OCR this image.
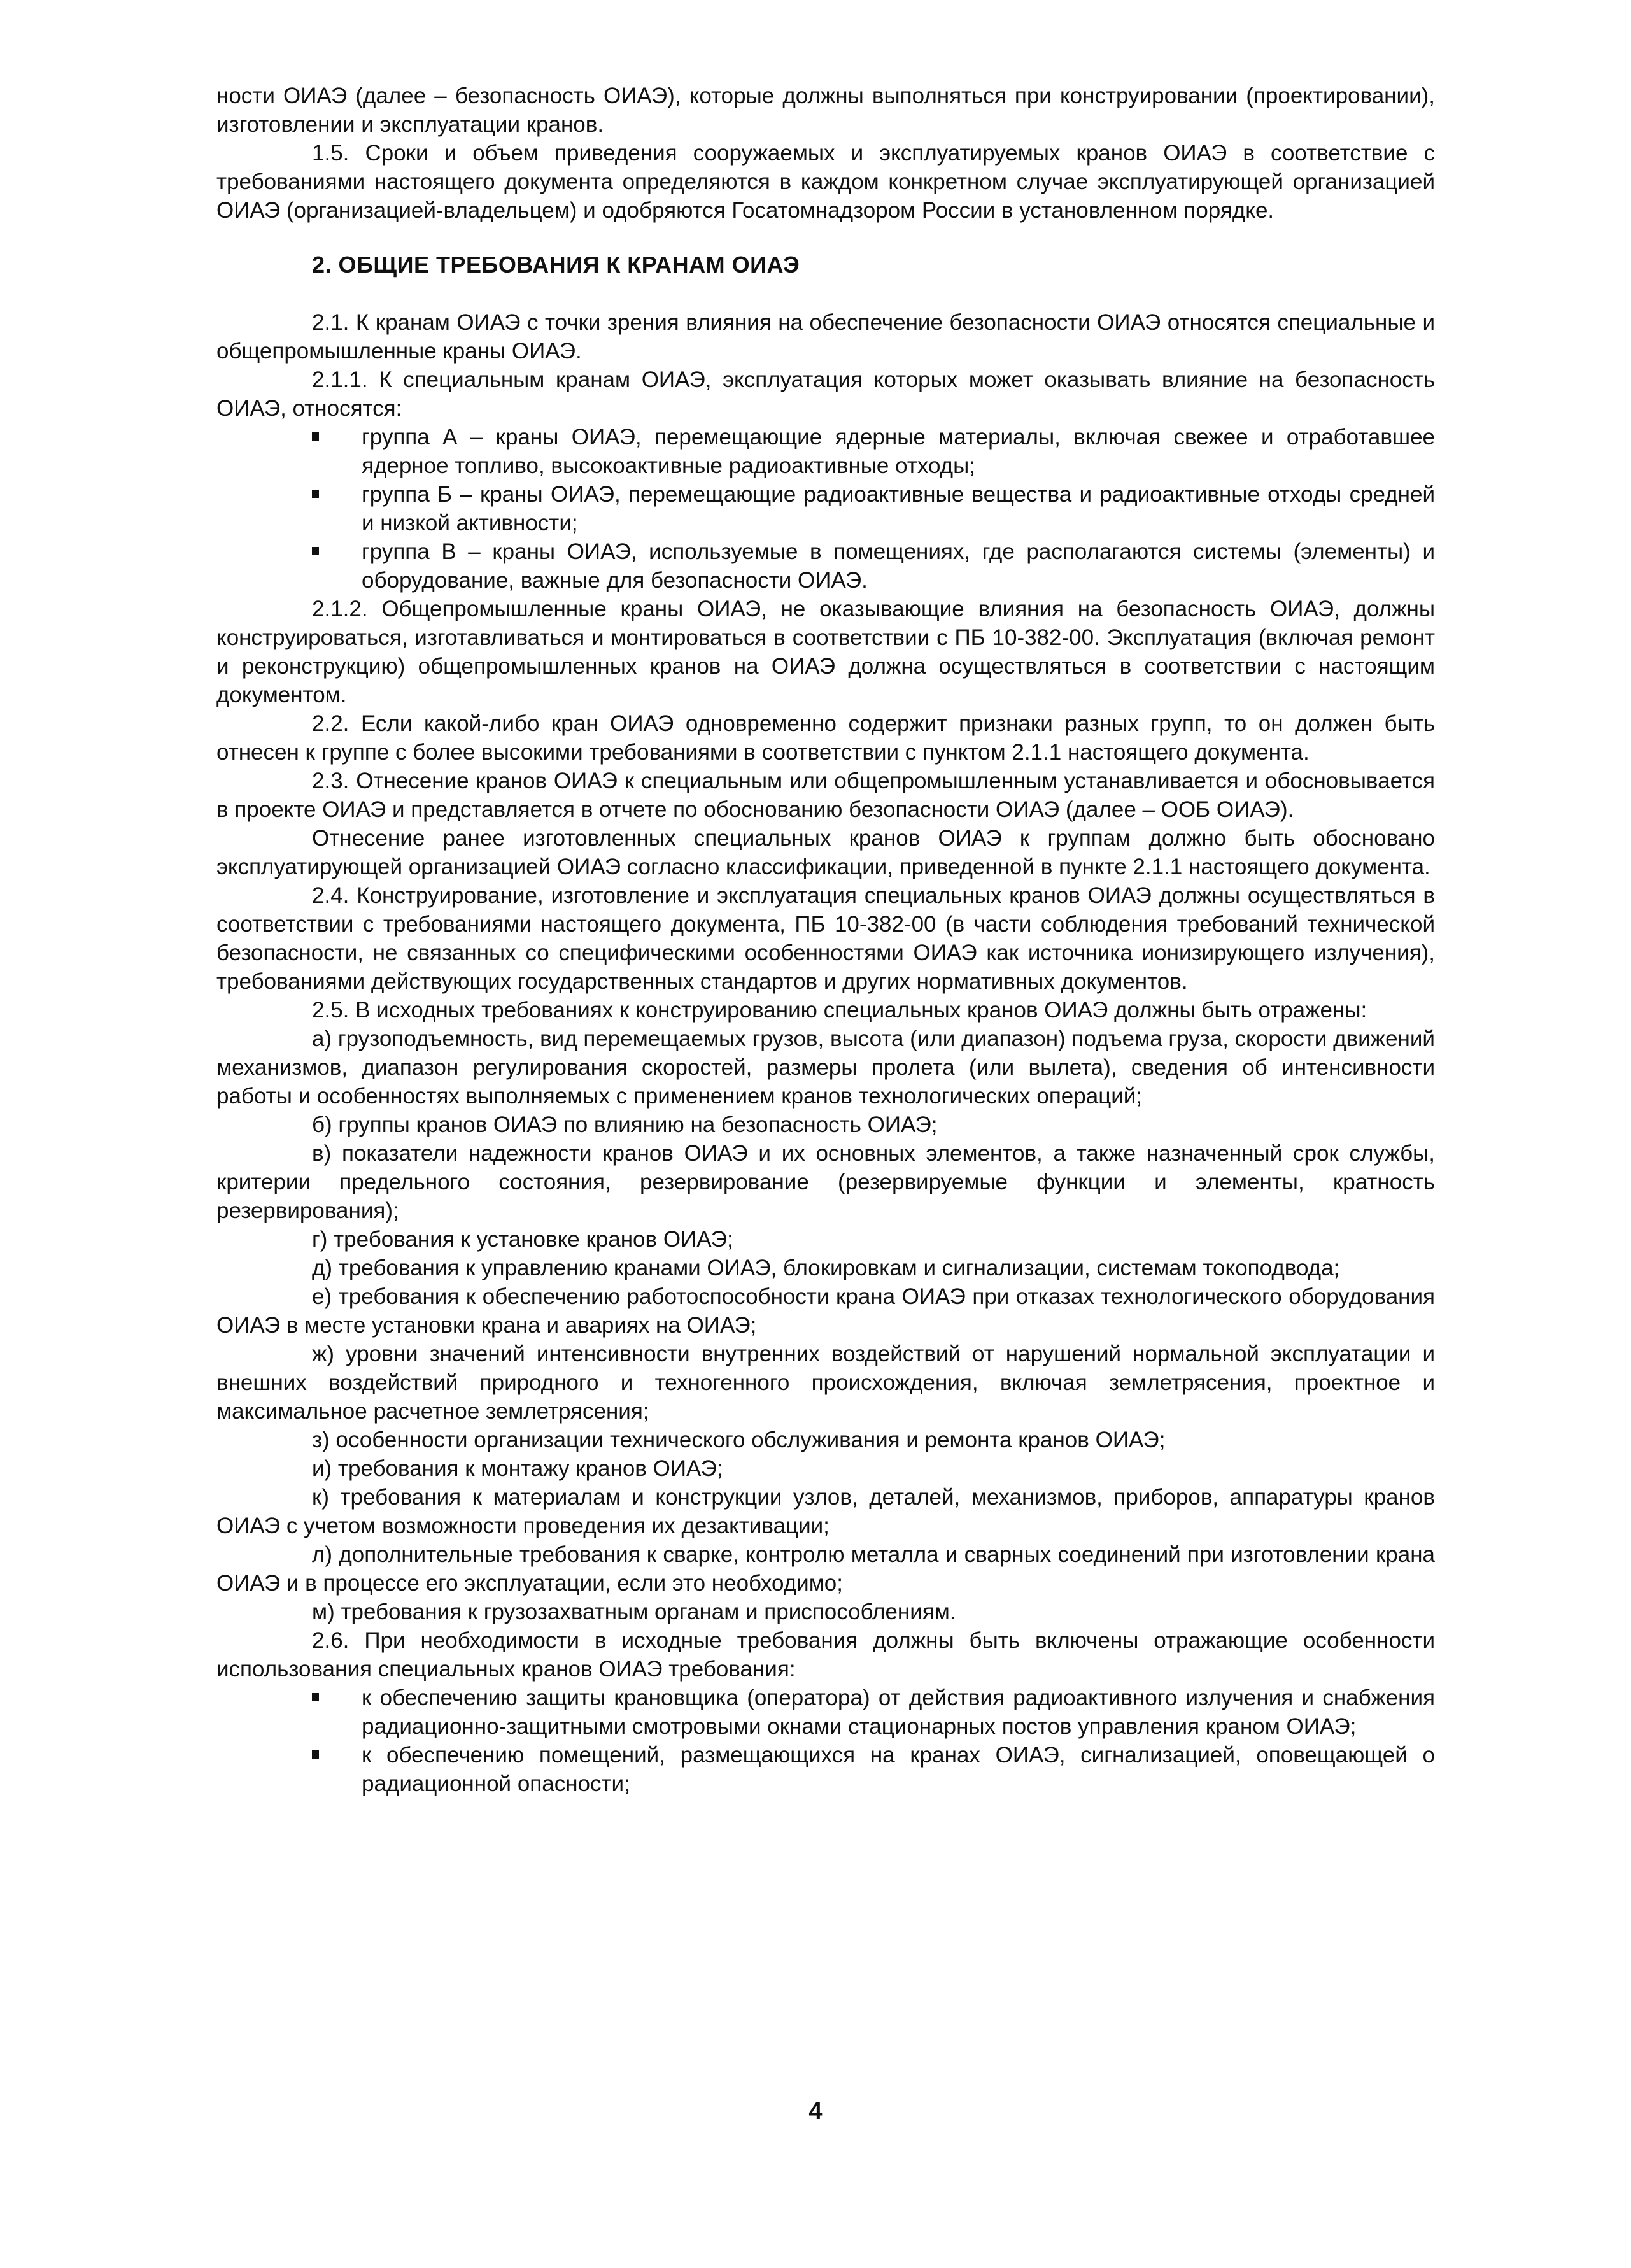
ности ОИАЭ (далее – безопасность ОИАЭ), которые должны выполняться при конструировании (проектировании), изготовлении и эксплуатации кранов.

1.5. Сроки и объем приведения сооружаемых и эксплуатируемых кранов ОИАЭ в соответствие с требованиями настоящего документа определяются в каждом конкретном случае эксплуатирующей организацией ОИАЭ (организацией-владельцем) и одобряются Госатомнадзором России в установленном порядке.

2. ОБЩИЕ ТРЕБОВАНИЯ К КРАНАМ ОИАЭ

2.1. К кранам ОИАЭ с точки зрения влияния на обеспечение безопасности ОИАЭ относятся специальные и общепромышленные краны ОИАЭ.

2.1.1. К специальным кранам ОИАЭ, эксплуатация которых может оказывать влияние на безопасность ОИАЭ, относятся:

группа А – краны ОИАЭ, перемещающие ядерные материалы, включая свежее и отработавшее ядерное топливо, высокоактивные радиоактивные отходы;
группа Б – краны ОИАЭ, перемещающие радиоактивные вещества и радиоактивные отходы средней и низкой активности;
группа В – краны ОИАЭ, используемые в помещениях, где располагаются системы (элементы) и оборудование, важные для безопасности ОИАЭ.

2.1.2. Общепромышленные краны ОИАЭ, не оказывающие влияния на безопасность ОИАЭ, должны конструироваться, изготавливаться и монтироваться в соответствии с ПБ 10-382-00. Эксплуатация (включая ремонт и реконструкцию) общепромышленных кранов на ОИАЭ должна осуществляться в соответствии с настоящим документом.

2.2. Если какой-либо кран ОИАЭ одновременно содержит признаки разных групп, то он должен быть отнесен к группе с более высокими требованиями в соответствии с пунктом 2.1.1 настоящего документа.

2.3. Отнесение кранов ОИАЭ к специальным или общепромышленным устанавливается и обосновывается в проекте ОИАЭ и представляется в отчете по обоснованию безопасности ОИАЭ (далее – ООБ ОИАЭ).

Отнесение ранее изготовленных специальных кранов ОИАЭ к группам должно быть обосновано эксплуатирующей организацией ОИАЭ согласно классификации, приведенной в пункте 2.1.1 настоящего документа.

2.4. Конструирование, изготовление и эксплуатация специальных кранов ОИАЭ должны осуществляться в соответствии с требованиями настоящего документа, ПБ 10-382-00 (в части соблюдения требований технической безопасности, не связанных со специфическими особенностями ОИАЭ как источника ионизирующего излучения), требованиями действующих государственных стандартов и других нормативных документов.

2.5. В исходных требованиях к конструированию специальных кранов ОИАЭ должны быть отражены:

а) грузоподъемность, вид перемещаемых грузов, высота (или диапазон) подъема груза, скорости движений механизмов, диапазон регулирования скоростей, размеры пролета (или вылета), сведения об интенсивности работы и особенностях выполняемых с применением кранов технологических операций;

б) группы кранов ОИАЭ по влиянию на безопасность ОИАЭ;

в) показатели надежности кранов ОИАЭ и их основных элементов, а также назначенный срок службы, критерии предельного состояния, резервирование (резервируемые функции и элементы, кратность резервирования);

г) требования к установке кранов ОИАЭ;

д) требования к управлению кранами ОИАЭ, блокировкам и сигнализации, системам токоподвода;

е) требования к обеспечению работоспособности крана ОИАЭ при отказах технологического оборудования ОИАЭ в месте установки крана и авариях на ОИАЭ;

ж) уровни значений интенсивности внутренних воздействий от нарушений нормальной эксплуатации и внешних воздействий природного и техногенного происхождения, включая землетрясения, проектное и максимальное расчетное землетрясения;

з) особенности организации технического обслуживания и ремонта кранов ОИАЭ;

и) требования к монтажу кранов ОИАЭ;

к) требования к материалам и конструкции узлов, деталей, механизмов, приборов, аппаратуры кранов ОИАЭ с учетом возможности проведения их дезактивации;

л) дополнительные требования к сварке, контролю металла и сварных соединений при изготовлении крана ОИАЭ и в процессе его эксплуатации, если это необходимо;

м) требования к грузозахватным органам и приспособлениям.

2.6. При необходимости в исходные требования должны быть включены отражающие особенности использования специальных кранов ОИАЭ требования:

к обеспечению защиты крановщика (оператора) от действия радиоактивного излучения и снабжения радиационно-защитными смотровыми окнами стационарных постов управления краном ОИАЭ;
к обеспечению помещений, размещающихся на кранах ОИАЭ, сигнализацией, оповещающей о радиационной опасности;
4
